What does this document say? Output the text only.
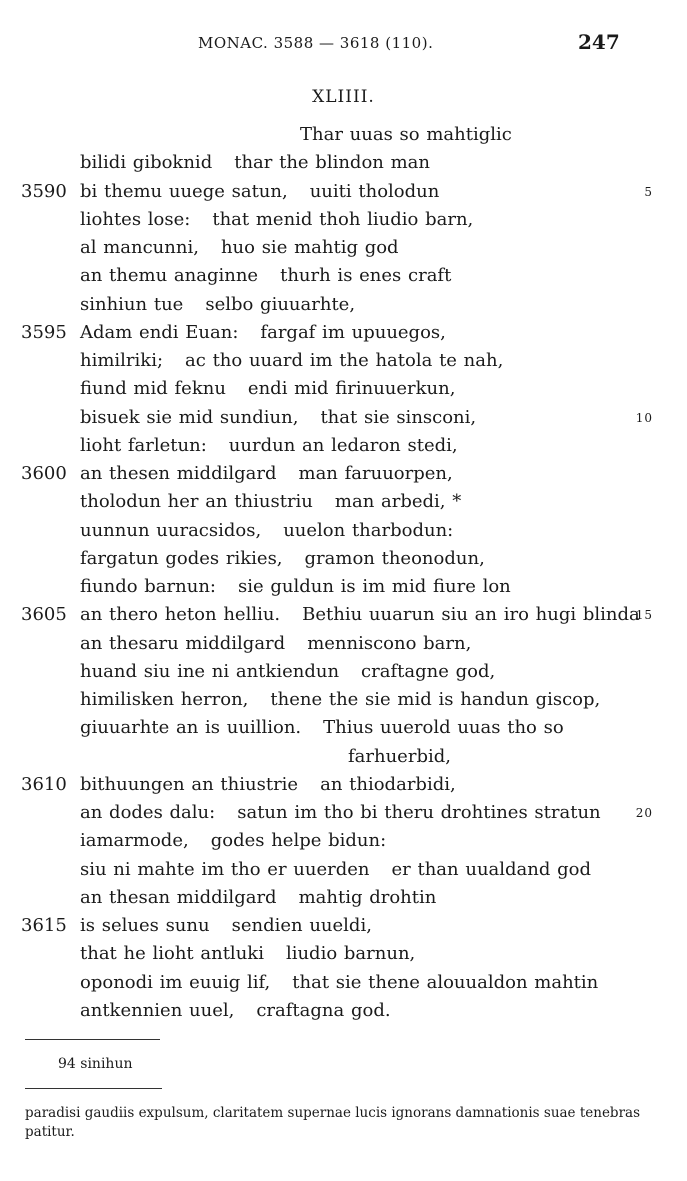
MONAC. 3588 — 3618 (110).	247
XLIIII.
Thar uuas so mahtiglic
bilidi giboknid thar the blindon man
3590 bi themu uuege satun, uuiti tholodun	5
liohtes lose: that menid thoh liudio barn,
al mancunni, huo sie mahtig god
an themu anaginne thurh is enes craft
sinhiun tue selbo giuuarhte,
3595 Adam endi Euan: fargaf im upuuegos,
himilriki; ac tho uuard im the hatola te nah,
fiund mid feknu endi mid firinuuerkun,
bisuek sie mid sundiun, that sie sinsconi,	10
lioht farletun: uurdun an ledaron stedi,
3600 an thesen middilgard man faruuorpen,
tholodun her an thiustriu man arbedi, *
uunnun uuracsidos, uuelon tharbodun:
fargatun godes rikies, gramon theonodun,
fiundo barnun: sie guldun is im mid fiure lon
3605 an thero heton helliu. Bethiu uuarun siu an iro hugi blinda
15
an thesaru middilgard menniscono barn,
huand siu ine ni antkiendun craftagne god,
himilisken herron, thene the sie mid is handun giscop,
giuuarhte an is uuillion. Thius uuerold uuas tho so
farhuerbid,
3610 bithuungen an thiustrie an thiodarbidi,
an dodes dalu: satun im tho bi theru drohtines stratun	20
iamarmode, godes helpe bidun:
siu ni mahte im tho er uuerden er than uualdand god
an thesan middilgard mahtig drohtin
3615 is selues sunu sendien uueldi,
that he lioht antluki liudio barnun,
oponodi im euuig lif, that sie thene alouualdon mahtin
antkennien uuel, craftagna god.
94 sinihun
paradisi gaudiis expulsum, claritatem supernae lucis ignorans damnationis suae tenebras patitur.
